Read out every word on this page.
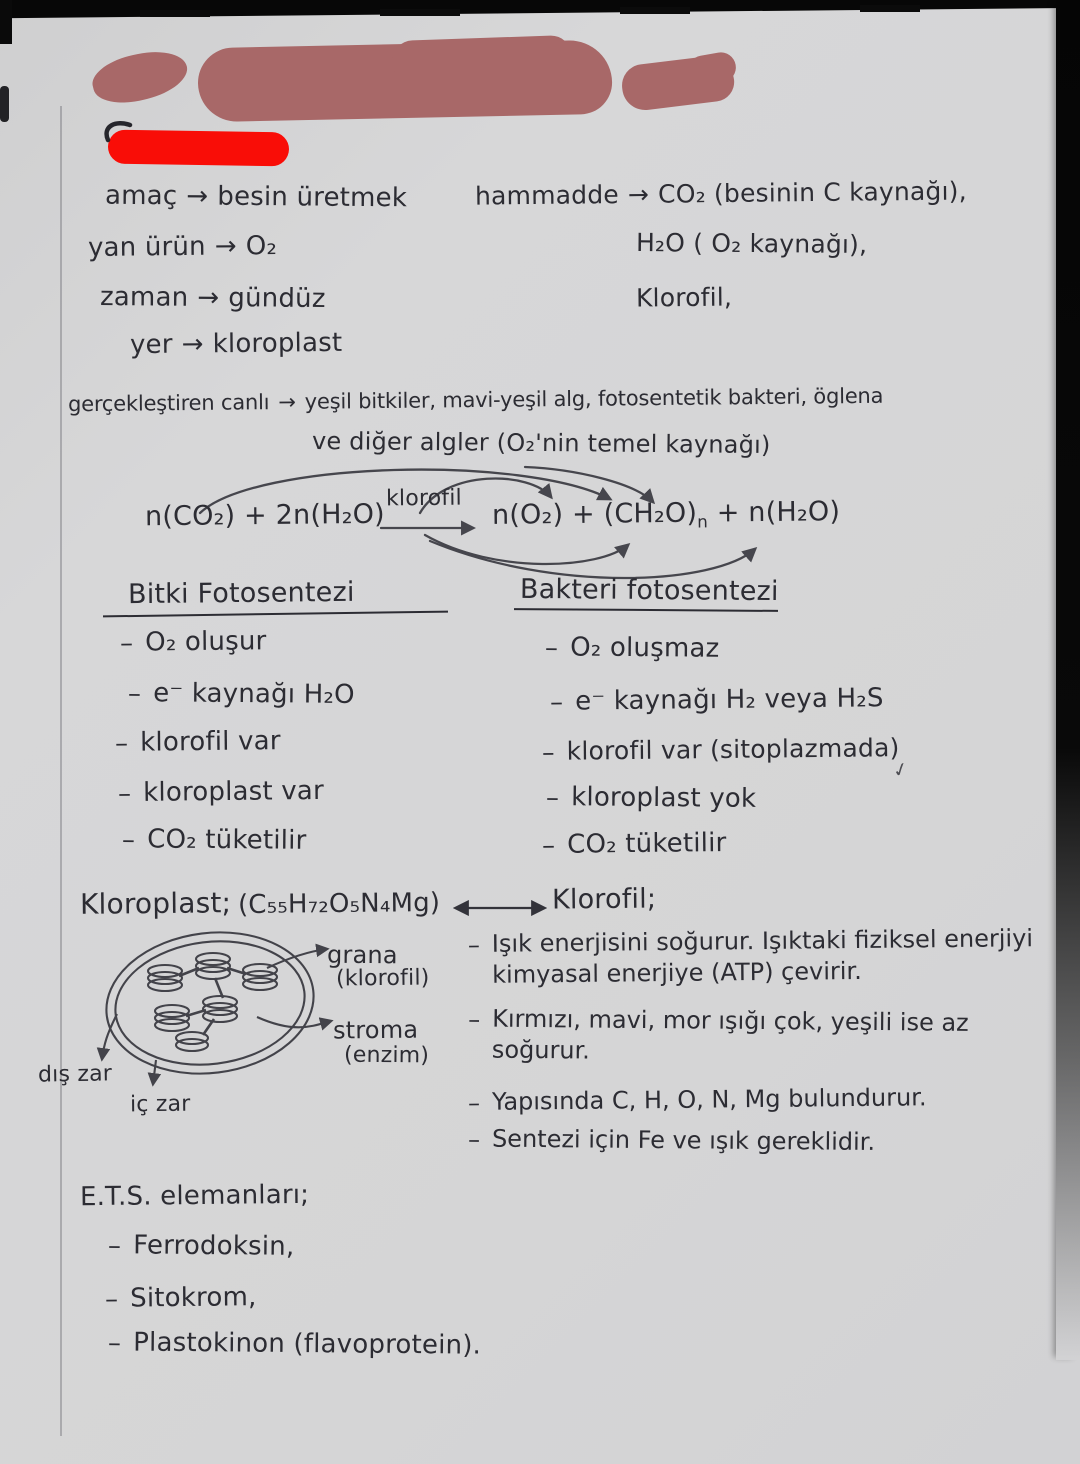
amaç → besin üretmek
yan ürün → O₂
zaman → gündüz
yer → kloroplast
hammadde → CO₂ (besinin C kaynağı),
H₂O ( O₂ kaynağı),
Klorofil,
gerçekleştiren canlı → yeşil bitkiler, mavi-yeşil alg, fotosentetik bakteri, öglena
ve diğer algler (O₂'nin temel kaynağı)
n(CO₂) + 2n(H₂O)
klorofil $n(O_2) + (CH_2O)_n + n(H_2O)$
Bitki Fotosentezi	Bakteri fotosentezi
– O₂ oluşur
– e⁻ kaynağı H₂O
– klorofil var
– kloroplast var
– CO₂ tüketilir
– O₂ oluşmaz
– e⁻ kaynağı H₂ veya H₂S
– klorofil var (sitoplazmada)
– kloroplast yok
– CO₂ tüketilir
✓
Kloroplast; (C₅₅H₇₂O₅N₄Mg)	Klorofil;
– Işık enerjisini soğurur. Işıktaki fiziksel enerjiyi kimyasal enerjiye (ATP) çevirir.
– Kırmızı, mavi, mor ışığı çok, yeşili ise az soğurur.
– Yapısında C, H, O, N, Mg bulundurur.
– Sentezi için Fe ve ışık gereklidir.
grana
(klorofil)
stroma
(enzim)
dış zar
iç zar
E.T.S. elemanları;
– Ferrodoksin,
– Sitokrom,
– Plastokinon (flavoprotein).
